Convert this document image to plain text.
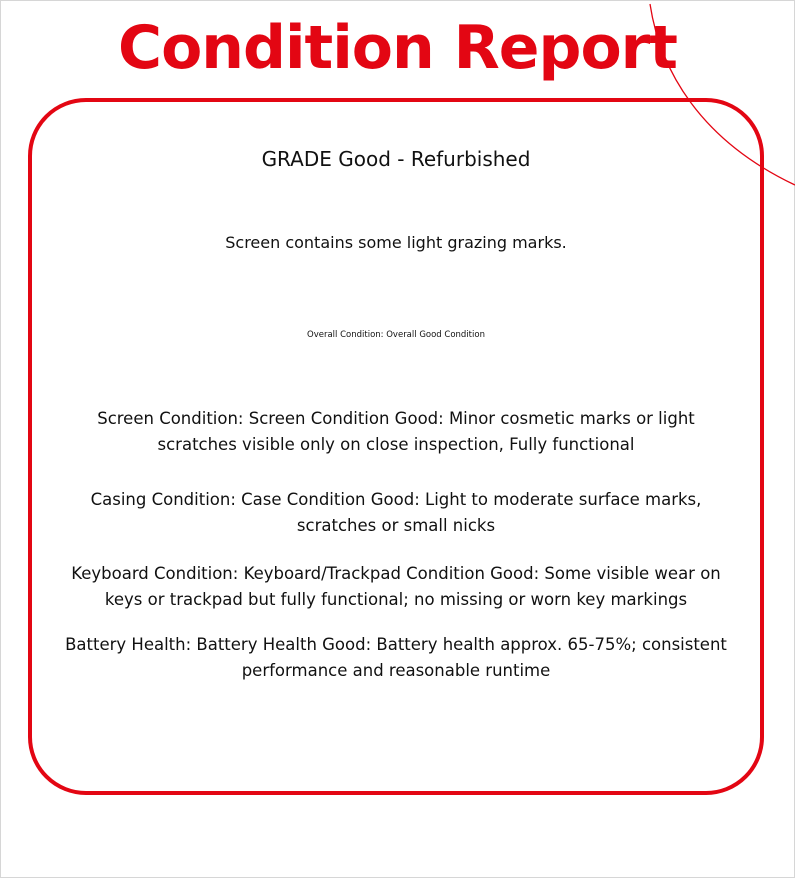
Condition Report
GRADE Good - Refurbished
Screen contains some light grazing marks.
Overall Condition: Overall Good Condition
Screen Condition: Screen Condition Good: Minor cosmetic marks or light scratches visible only on close inspection, Fully functional
Casing Condition: Case Condition Good: Light to moderate surface marks, scratches or small nicks
Keyboard Condition: Keyboard/Trackpad Condition Good: Some visible wear on keys or trackpad but fully functional; no missing or worn key markings
Battery Health: Battery Health Good: Battery health approx. 65-75%; consistent performance and reasonable runtime
